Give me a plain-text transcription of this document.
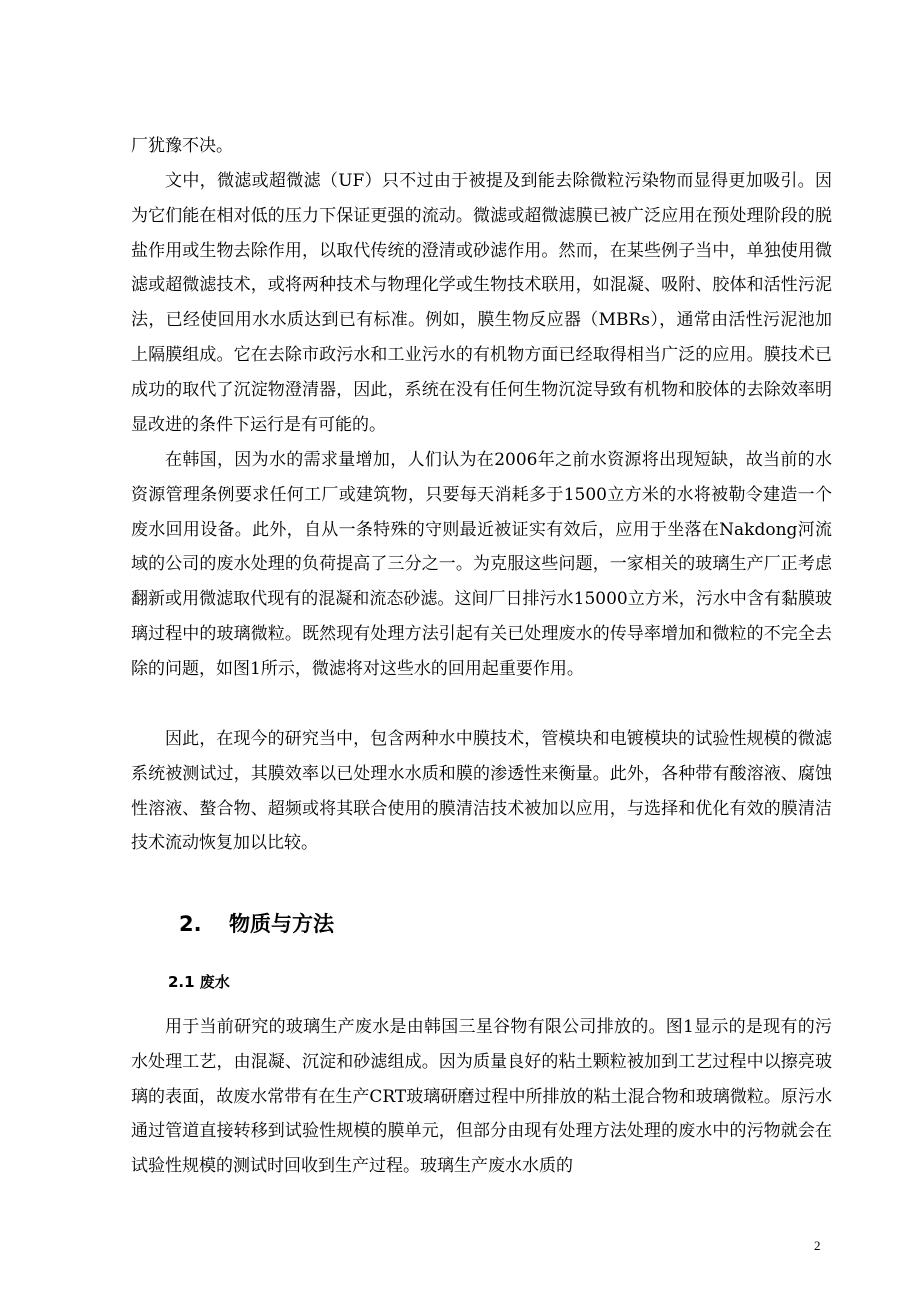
厂犹豫不决。

文中，微滤或超微滤（UF）只不过由于被提及到能去除微粒污染物而显得更加吸引。因为它们能在相对低的压力下保证更强的流动。微滤或超微滤膜已被广泛应用在预处理阶段的脱盐作用或生物去除作用，以取代传统的澄清或砂滤作用。然而，在某些例子当中，单独使用微滤或超微滤技术，或将两种技术与物理化学或生物技术联用，如混凝、吸附、胶体和活性污泥法，已经使回用水水质达到已有标准。例如，膜生物反应器（MBRs），通常由活性污泥池加上隔膜组成。它在去除市政污水和工业污水的有机物方面已经取得相当广泛的应用。膜技术已成功的取代了沉淀物澄清器，因此，系统在没有任何生物沉淀导致有机物和胶体的去除效率明显改进的条件下运行是有可能的。

在韩国，因为水的需求量增加，人们认为在2006年之前水资源将出现短缺，故当前的水资源管理条例要求任何工厂或建筑物，只要每天消耗多于1500立方米的水将被勒令建造一个废水回用设备。此外，自从一条特殊的守则最近被证实有效后，应用于坐落在Nakdong河流域的公司的废水处理的负荷提高了三分之一。为克服这些问题，一家相关的玻璃生产厂正考虑翻新或用微滤取代现有的混凝和流态砂滤。这间厂日排污水15000立方米，污水中含有黏膜玻璃过程中的玻璃微粒。既然现有处理方法引起有关已处理废水的传导率增加和微粒的不完全去除的问题，如图1所示，微滤将对这些水的回用起重要作用。

因此，在现今的研究当中，包含两种水中膜技术，管模块和电镀模块的试验性规模的微滤系统被测试过，其膜效率以已处理水水质和膜的渗透性来衡量。此外，各种带有酸溶液、腐蚀性溶液、螯合物、超频或将其联合使用的膜清洁技术被加以应用，与选择和优化有效的膜清洁技术流动恢复加以比较。

2. 物质与方法
2.1 废水

用于当前研究的玻璃生产废水是由韩国三星谷物有限公司排放的。图1显示的是现有的污水处理工艺，由混凝、沉淀和砂滤组成。因为质量良好的粘土颗粒被加到工艺过程中以擦亮玻璃的表面，故废水常带有在生产CRT玻璃研磨过程中所排放的粘土混合物和玻璃微粒。原污水通过管道直接转移到试验性规模的膜单元，但部分由现有处理方法处理的废水中的污物就会在试验性规模的测试时回收到生产过程。玻璃生产废水水质的

2
